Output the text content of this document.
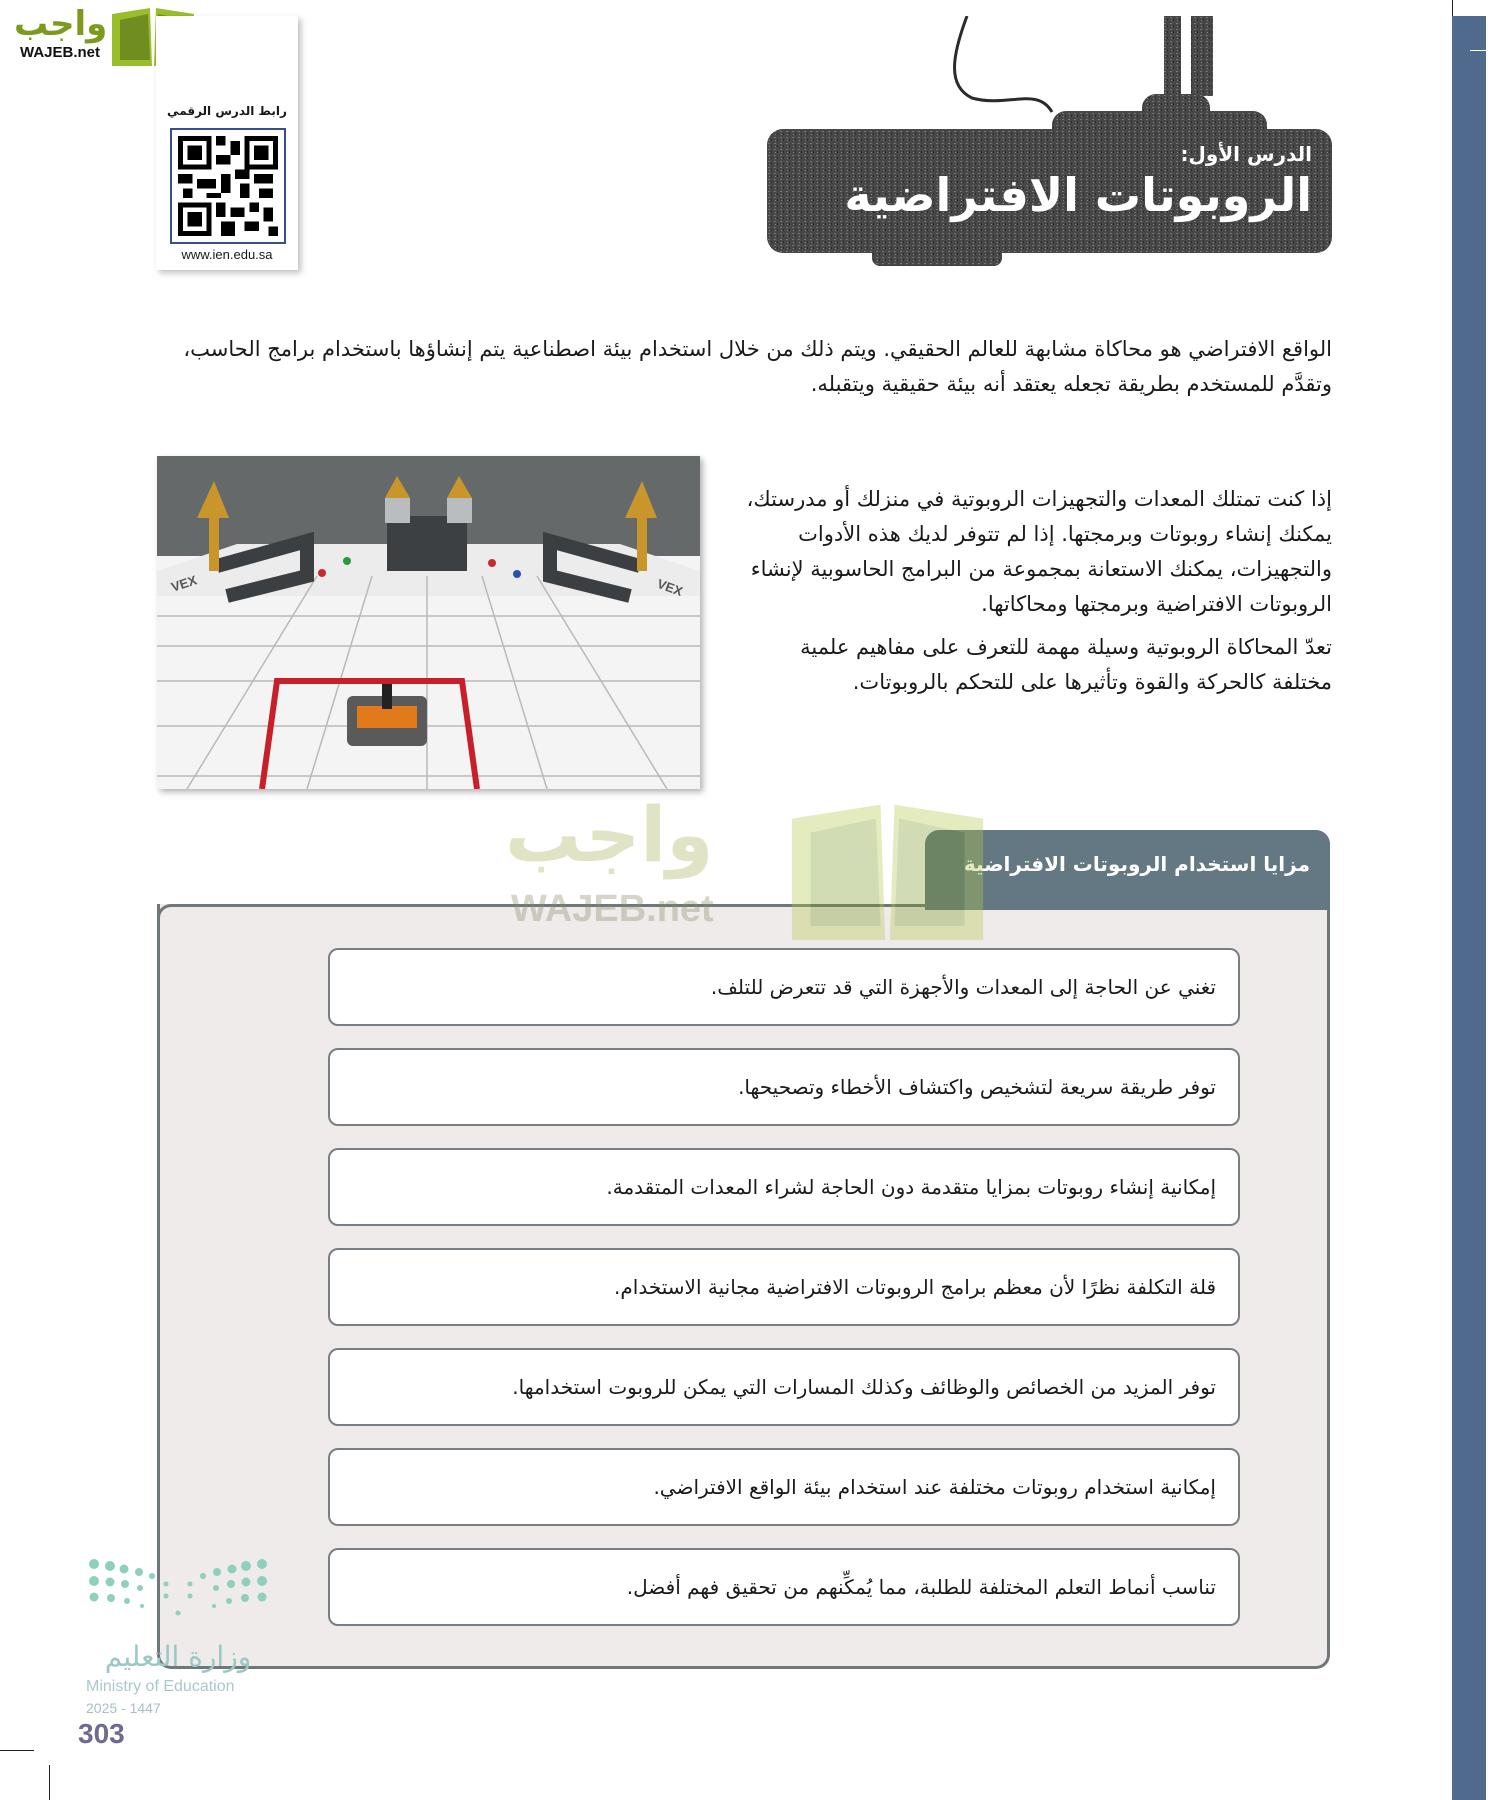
واجب
WAJEB.net
رابط الدرس الرقمي
www.ien.edu.sa
الدرس الأول:
الروبوتات الافتراضية

الواقع الافتراضي هو محاكاة مشابهة للعالم الحقيقي. ويتم ذلك من خلال استخدام بيئة اصطناعية يتم إنشاؤها باستخدام برامج الحاسب، وتقدَّم للمستخدم بطريقة تجعله يعتقد أنه بيئة حقيقية ويتقبله.

VEX	VEX

إذا كنت تمتلك المعدات والتجهيزات الروبوتية في منزلك أو مدرستك، يمكنك إنشاء روبوتات وبرمجتها. إذا لم تتوفر لديك هذه الأدوات والتجهيزات، يمكنك الاستعانة بمجموعة من البرامج الحاسوبية لإنشاء الروبوتات الافتراضية وبرمجتها ومحاكاتها.

تعدّ المحاكاة الروبوتية وسيلة مهمة للتعرف على مفاهيم علمية مختلفة كالحركة والقوة وتأثيرها على للتحكم بالروبوتات.

مزايا استخدام الروبوتات الافتراضية
تغني عن الحاجة إلى المعدات والأجهزة التي قد تتعرض للتلف.
توفر طريقة سريعة لتشخيص واكتشاف الأخطاء وتصحيحها.
إمكانية إنشاء روبوتات بمزايا متقدمة دون الحاجة لشراء المعدات المتقدمة.
قلة التكلفة نظرًا لأن معظم برامج الروبوتات الافتراضية مجانية الاستخدام.
توفر المزيد من الخصائص والوظائف وكذلك المسارات التي يمكن للروبوت استخدامها.
إمكانية استخدام روبوتات مختلفة عند استخدام بيئة الواقع الافتراضي.
تناسب أنماط التعلم المختلفة للطلبة، مما يُمكِّنهم من تحقيق فهم أفضل.
واجب
WAJEB.net
وزارة التعليم
Ministry of Education
2025 - 1447
303
